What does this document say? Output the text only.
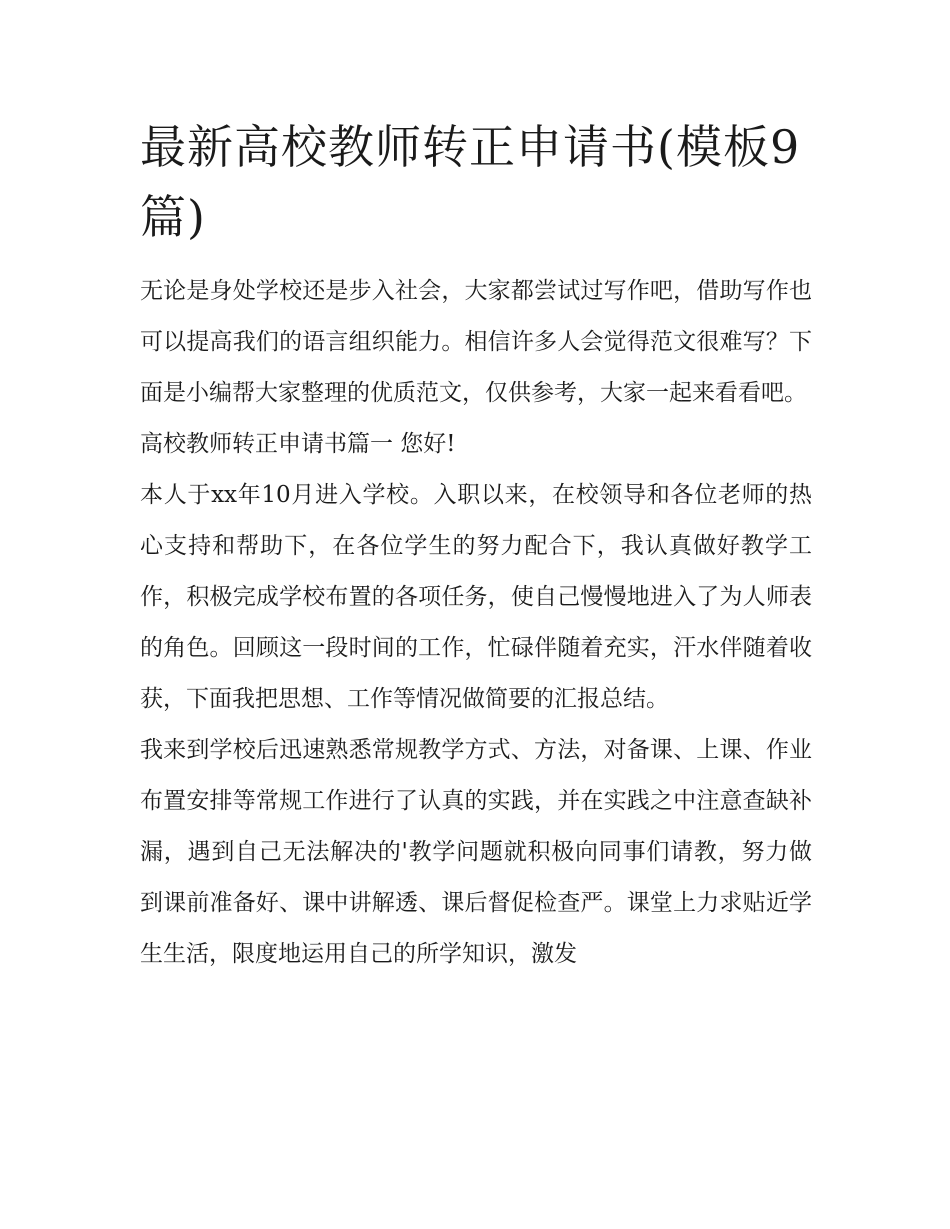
最新高校教师转正申请书(模板9篇)

无论是身处学校还是步入社会，大家都尝试过写作吧，借助写作也可以提高我们的语言组织能力。相信许多人会觉得范文很难写？下面是小编帮大家整理的优质范文，仅供参考，大家一起来看看吧。

高校教师转正申请书篇一 您好!

本人于xx年10月进入学校。入职以来，在校领导和各位老师的热心支持和帮助下，在各位学生的努力配合下，我认真做好教学工作，积极完成学校布置的各项任务，使自己慢慢地进入了为人师表的角色。回顾这一段时间的工作，忙碌伴随着充实，汗水伴随着收获，下面我把思想、工作等情况做简要的汇报总结。

我来到学校后迅速熟悉常规教学方式、方法，对备课、上课、作业布置安排等常规工作进行了认真的实践，并在实践之中注意查缺补漏，遇到自己无法解决的'教学问题就积极向同事们请教，努力做到课前准备好、课中讲解透、课后督促检查严。课堂上力求贴近学生生活，限度地运用自己的所学知识，激发
